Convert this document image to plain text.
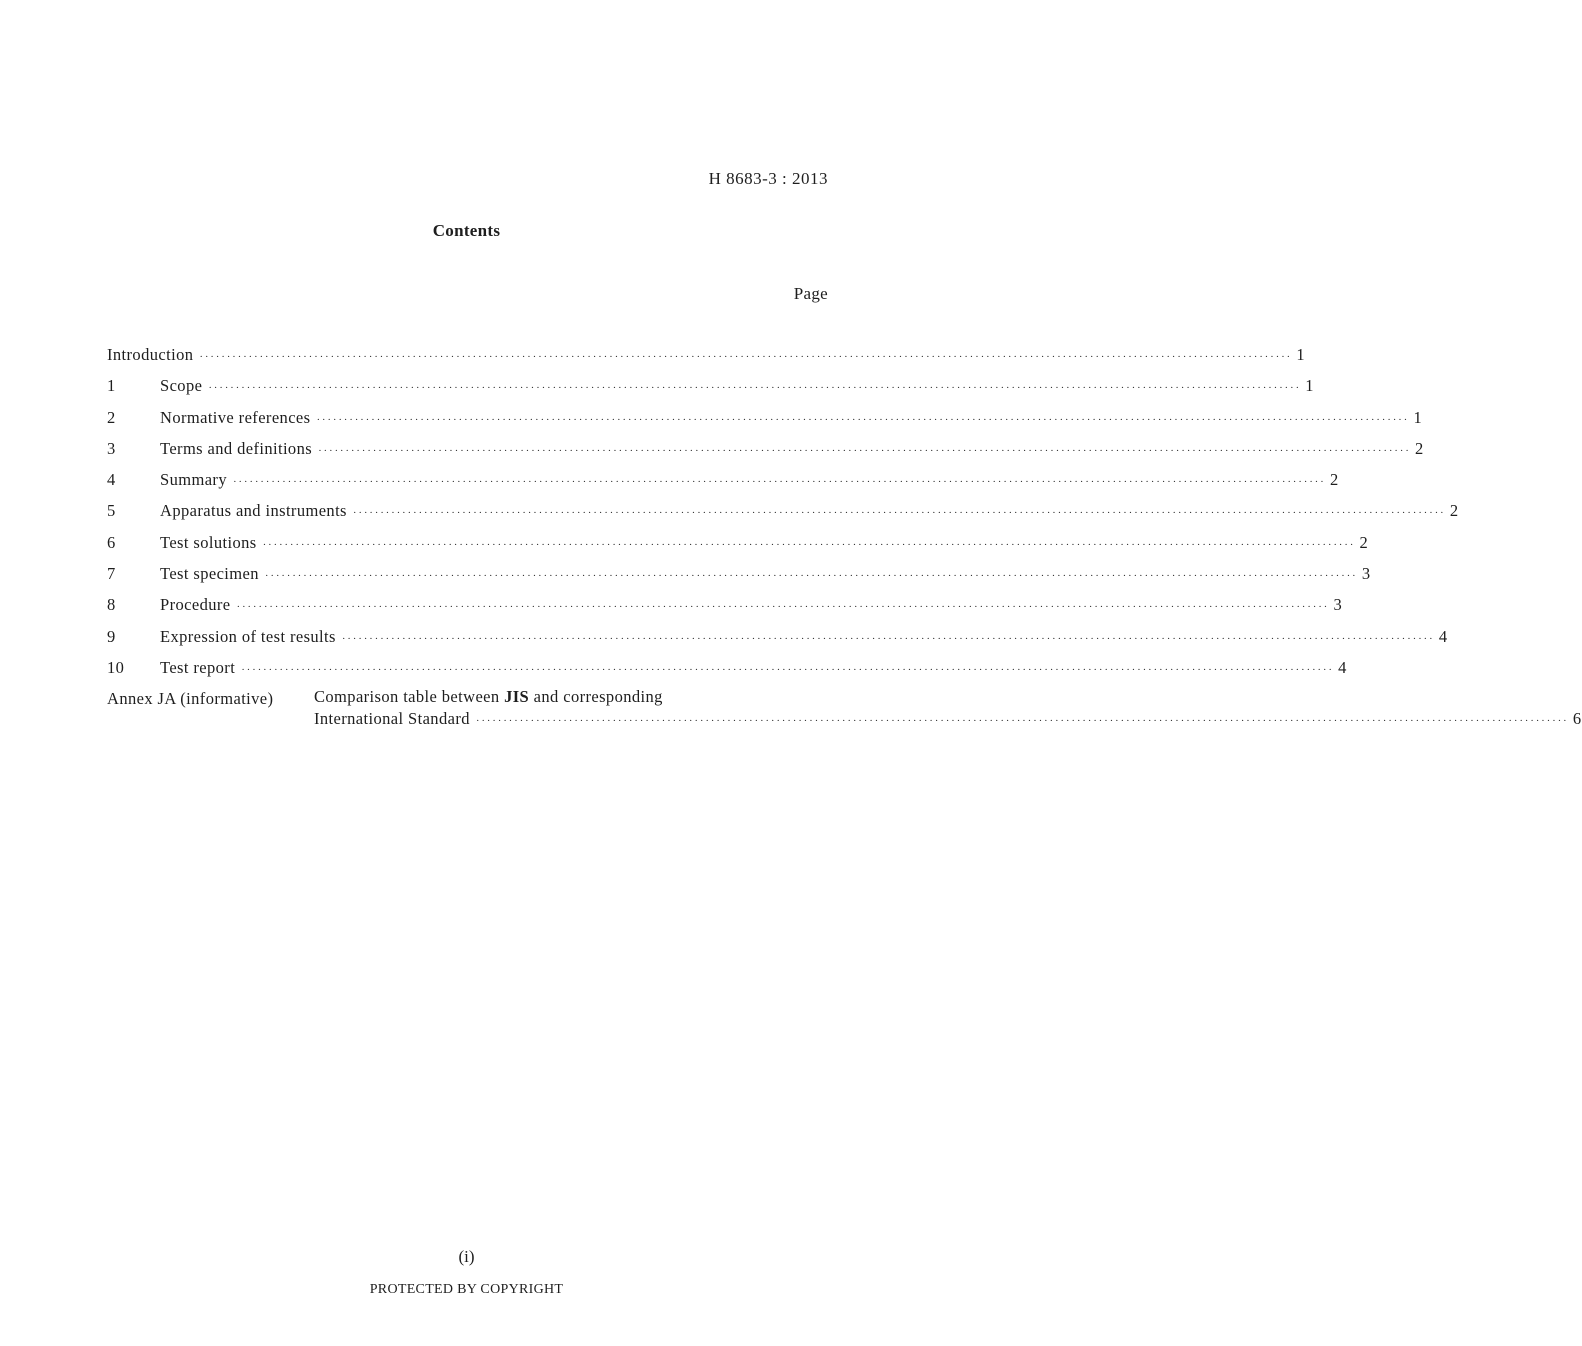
H 8683-3 : 2013
Contents
Page
Introduction ········································································································································································································ 1
1	Scope ········································································································································································································ 1
2	Normative references ········································································································································································································ 1
3	Terms and definitions ········································································································································································································ 2
4	Summary ········································································································································································································ 2
5	Apparatus and instruments ········································································································································································································ 2
6	Test solutions ········································································································································································································ 2
7	Test specimen ········································································································································································································ 3
8	Procedure ········································································································································································································ 3
9	Expression of test results ········································································································································································································ 4
10	Test report ········································································································································································································ 4
Annex JA (informative)	Comparison table between JIS and corresponding
International Standard ········································································································································································································ 6
(i)
PROTECTED BY COPYRIGHT
